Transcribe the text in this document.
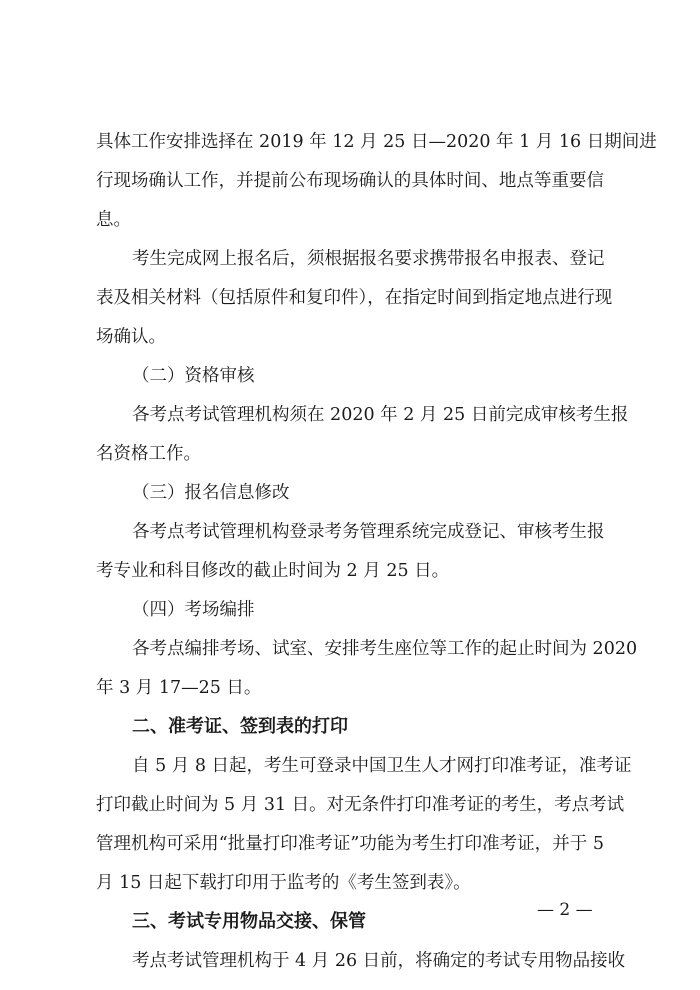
具体工作安排选择在 2019 年 12 月 25 日—2020 年 1 月 16 日期间进
行现场确认工作，并提前公布现场确认的具体时间、地点等重要信
息。
考生完成网上报名后，须根据报名要求携带报名申报表、登记
表及相关材料（包括原件和复印件），在指定时间到指定地点进行现
场确认。
（二）资格审核
各考点考试管理机构须在 2020 年 2 月 25 日前完成审核考生报
名资格工作。
（三）报名信息修改
各考点考试管理机构登录考务管理系统完成登记、审核考生报
考专业和科目修改的截止时间为 2 月 25 日。
（四）考场编排
各考点编排考场、试室、安排考生座位等工作的起止时间为 2020
年 3 月 17—25 日。
二、准考证、签到表的打印
自 5 月 8 日起，考生可登录中国卫生人才网打印准考证，准考证
打印截止时间为 5 月 31 日。对无条件打印准考证的考生，考点考试
管理机构可采用“批量打印准考证”功能为考生打印准考证，并于 5
月 15 日起下载打印用于监考的《考生签到表》。
三、考试专用物品交接、保管
考点考试管理机构于 4 月 26 日前，将确定的考试专用物品接收
— 2 —
